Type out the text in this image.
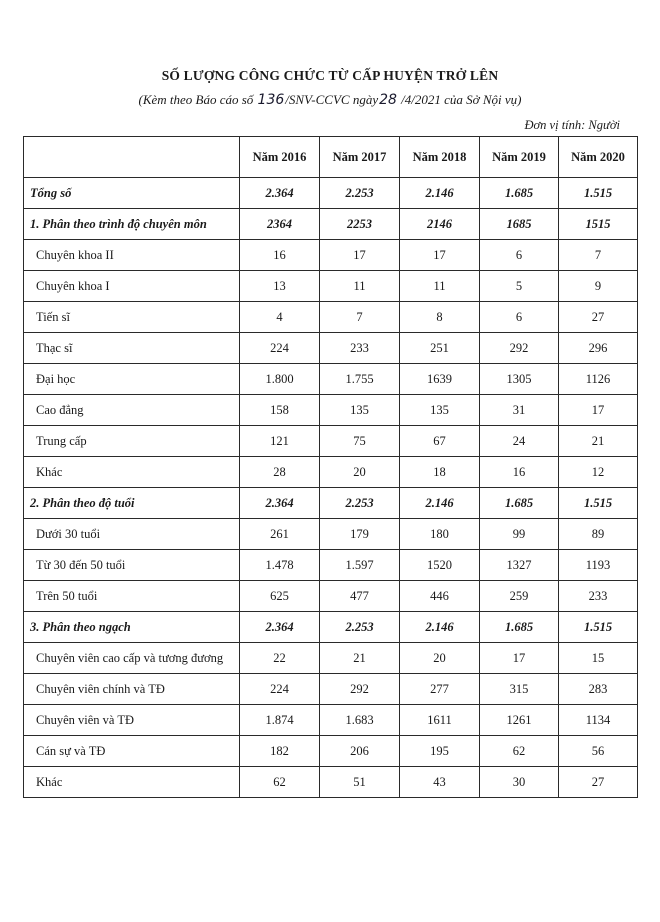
SỐ LƯỢNG CÔNG CHỨC TỪ CẤP HUYỆN TRỞ LÊN
(Kèm theo Báo cáo số 136/SNV-CCVC ngày28 /4/2021 của Sở Nội vụ)
Đơn vị tính: Người
	Năm 2016	Năm 2017	Năm 2018	Năm 2019	Năm 2020
Tổng số	2.364	2.253	2.146	1.685	1.515
1. Phân theo trình độ chuyên môn	2364	2253	2146	1685	1515
Chuyên khoa II	16	17	17	6	7
Chuyên khoa I	13	11	11	5	9
Tiến sĩ	4	7	8	6	27
Thạc sĩ	224	233	251	292	296
Đại học	1.800	1.755	1639	1305	1126
Cao đẳng	158	135	135	31	17
Trung cấp	121	75	67	24	21
Khác	28	20	18	16	12
2. Phân theo độ tuổi	2.364	2.253	2.146	1.685	1.515
Dưới 30 tuổi	261	179	180	99	89
Từ 30 đến 50 tuổi	1.478	1.597	1520	1327	1193
Trên 50 tuổi	625	477	446	259	233
3. Phân theo ngạch	2.364	2.253	2.146	1.685	1.515
Chuyên viên cao cấp và tương đương	22	21	20	17	15
Chuyên viên chính và TĐ	224	292	277	315	283
Chuyên viên và TĐ	1.874	1.683	1611	1261	1134
Cán sự và TĐ	182	206	195	62	56
Khác	62	51	43	30	27
